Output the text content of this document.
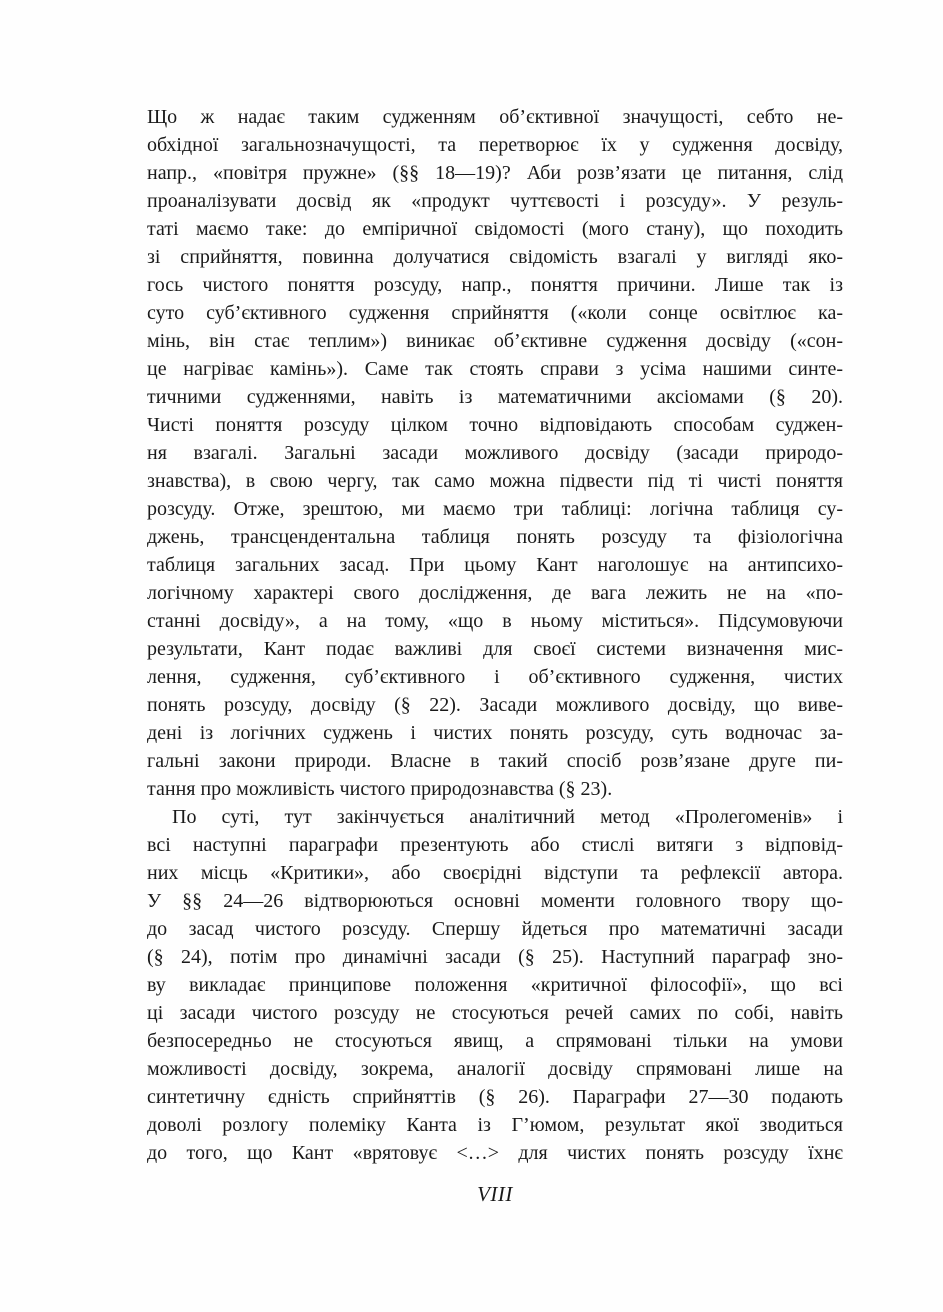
Що ж надає таким судженням об’єктивної значущості, себто не-
обхідної загальнозначущості, та перетворює їх у судження досвіду,
напр., «повітря пружне» (§§ 18—19)? Аби розв’язати це питання, слід
проаналізувати досвід як «продукт чуттєвості і розсуду». У резуль-
таті маємо таке: до емпіричної свідомості (мого стану), що походить
зі сприйняття, повинна долучатися свідомість взагалі у вигляді яко-
гось чистого поняття розсуду, напр., поняття причини. Лише так із
суто суб’єктивного судження сприйняття («коли сонце освітлює ка-
мінь, він стає теплим») виникає об’єктивне судження досвіду («сон-
це нагріває камінь»). Саме так стоять справи з усіма нашими синте-
тичними судженнями, навіть із математичними аксіомами (§ 20).
Чисті поняття розсуду цілком точно відповідають способам суджен-
ня взагалі. Загальні засади можливого досвіду (засади природо-
знавства), в свою чергу, так само можна підвести під ті чисті поняття
розсуду. Отже, зрештою, ми маємо три таблиці: логічна таблиця су-
джень, трансцендентальна таблиця понять розсуду та фізіологічна
таблиця загальних засад. При цьому Кант наголошує на антипсихо-
логічному характері свого дослідження, де вага лежить не на «по-
станні досвіду», а на тому, «що в ньому міститься». Підсумовуючи
результати, Кант подає важливі для своєї системи визначення мис-
лення, судження, суб’єктивного і об’єктивного судження, чистих
понять розсуду, досвіду (§ 22). Засади можливого досвіду, що виве-
дені із логічних суджень і чистих понять розсуду, суть водночас за-
гальні закони природи. Власне в такий спосіб розв’язане друге пи-
тання про можливість чистого природознавства (§ 23).
По суті, тут закінчується аналітичний метод «Пролегоменів» і
всі наступні параграфи презентують або стислі витяги з відповід-
них місць «Критики», або своєрідні відступи та рефлексії автора.
У §§ 24—26 відтворюються основні моменти головного твору що-
до засад чистого розсуду. Спершу йдеться про математичні засади
(§ 24), потім про динамічні засади (§ 25). Наступний параграф зно-
ву викладає принципове положення «критичної філософії», що всі
ці засади чистого розсуду не стосуються речей самих по собі, навіть
безпосередньо не стосуються явищ, а спрямовані тільки на умови
можливості досвіду, зокрема, аналогії досвіду спрямовані лише на
синтетичну єдність сприйняттів (§ 26). Параграфи 27—30 подають
доволі розлогу полеміку Канта із Г’юмом, результат якої зводиться
до того, що Кант «врятовує <…> для чистих понять розсуду їхнє
VIII
